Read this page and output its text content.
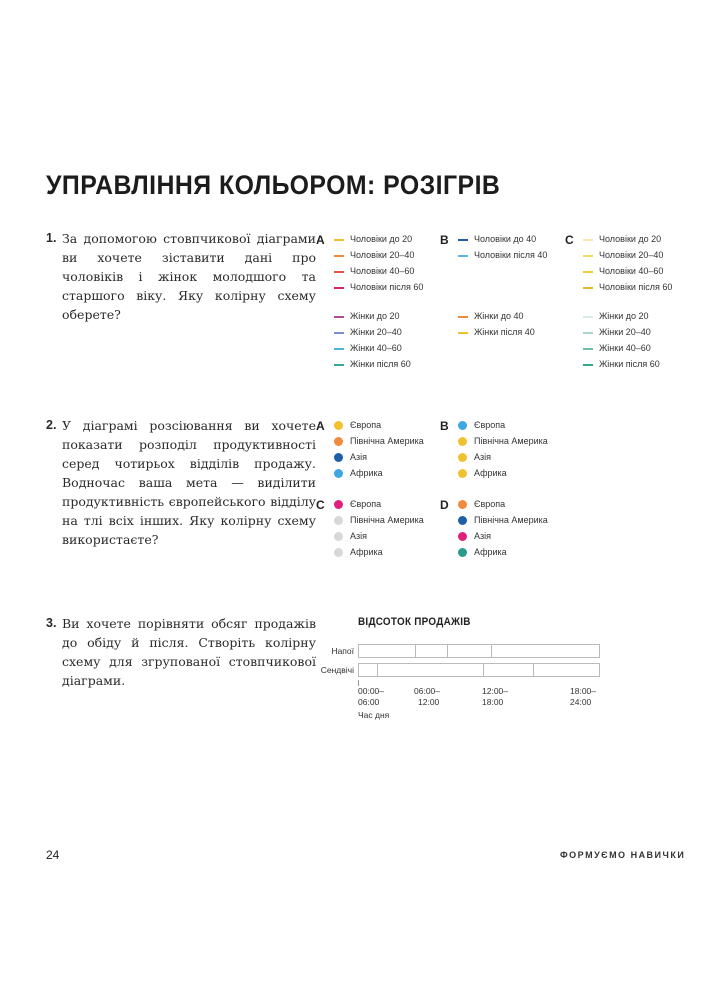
УПРАВЛІННЯ КОЛЬОРОМ: РОЗІГРІВ
1. За допомогою стовпчикової діаграми ви хочете зіставити дані про чоловіків і жінок молодшого та старшого віку. Яку колірну схему оберете?
2. У діаграмі розсіювання ви хочете показати розподіл продуктивності серед чотирьох відділів продажу. Водночас ваша мета — виділити продуктивність європейського відділу на тлі всіх інших. Яку колірну схему використаєте?
3. Ви хочете порівняти обсяг продажів до обіду й після. Створіть колірну схему для згрупованої стовпчикової діаграми.
A	Чоловіки до 20
Чоловіки 20–40
Чоловіки 40–60
Чоловіки після 60
Жінки до 20
Жінки 20–40
Жінки 40–60
Жінки після 60
B	Чоловіки до 40
Чоловіки після 40
Жінки до 40
Жінки після 40
C	Чоловіки до 20
Чоловіки 20–40
Чоловіки 40–60
Чоловіки після 60
Жінки до 20
Жінки 20–40
Жінки 40–60
Жінки після 60
A	Європа
Північна Америка
Азія
Африка
B	Європа
Північна Америка
Азія
Африка
C	Європа
Північна Америка
Азія
Африка
D	Європа
Північна Америка
Азія
Африка
ВІДСОТОК ПРОДАЖІВ
Напої
Сендвічі
00:00–
06:00
06:00–
12:00
12:00–
18:00
18:00–
24:00
Час дня
24	ФОРМУЄМО НАВИЧКИ
